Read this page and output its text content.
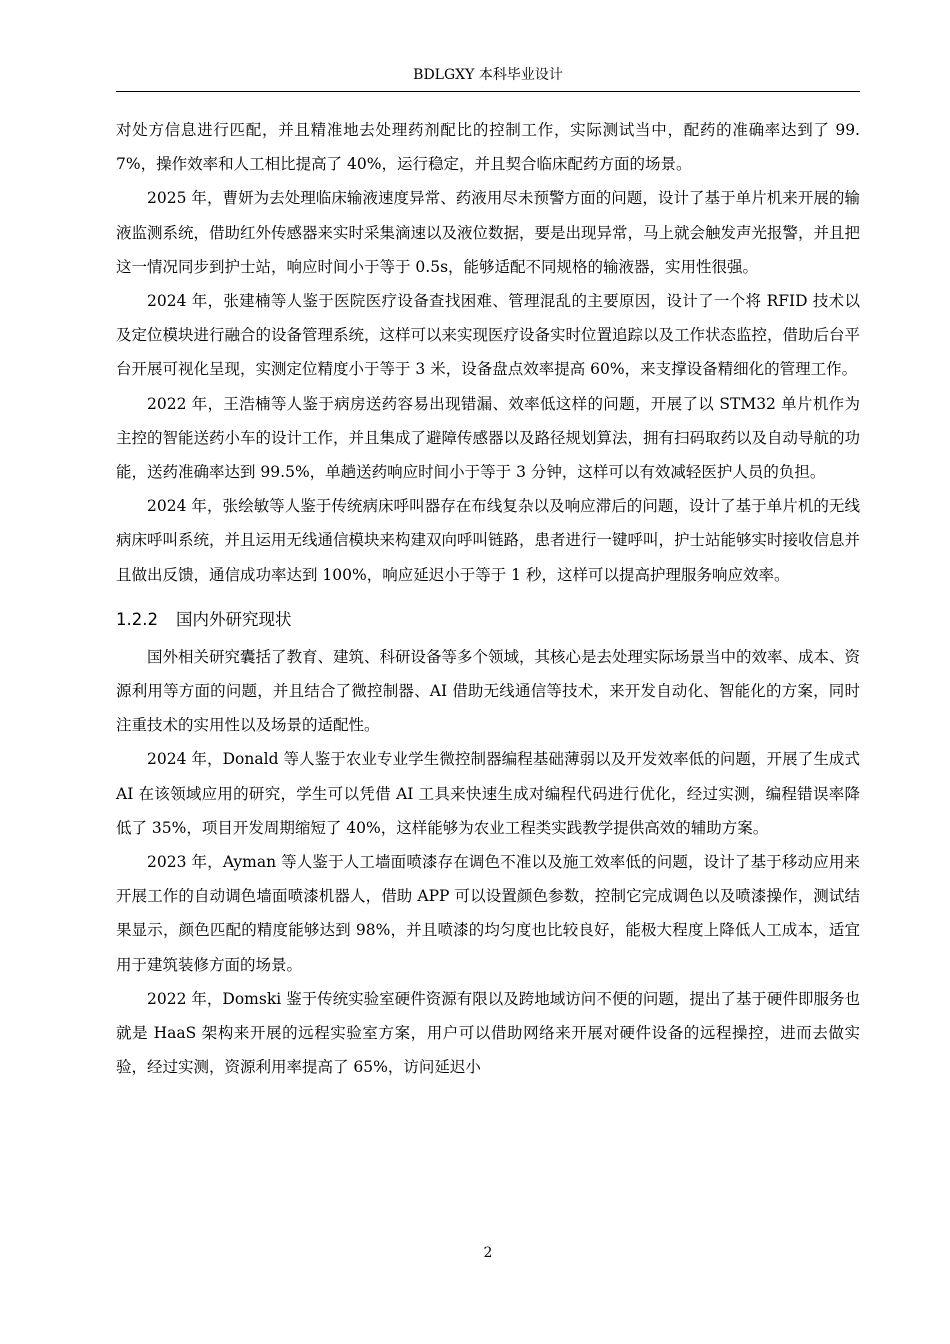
BDLGXY 本科毕业设计

对处方信息进行匹配，并且精准地去处理药剂配比的控制工作，实际测试当中，配药的准确率达到了 99.7%，操作效率和人工相比提高了 40%，运行稳定，并且契合临床配药方面的场景。

2025 年，曹妍为去处理临床输液速度异常、药液用尽未预警方面的问题，设计了基于单片机来开展的输液监测系统，借助红外传感器来实时采集滴速以及液位数据，要是出现异常，马上就会触发声光报警，并且把这一情况同步到护士站，响应时间小于等于 0.5s，能够适配不同规格的输液器，实用性很强。

2024 年，张建楠等人鉴于医院医疗设备查找困难、管理混乱的主要原因，设计了一个将 RFID 技术以及定位模块进行融合的设备管理系统，这样可以来实现医疗设备实时位置追踪以及工作状态监控，借助后台平台开展可视化呈现，实测定位精度小于等于 3 米，设备盘点效率提高 60%，来支撑设备精细化的管理工作。

2022 年，王浩楠等人鉴于病房送药容易出现错漏、效率低这样的问题，开展了以 STM32 单片机作为主控的智能送药小车的设计工作，并且集成了避障传感器以及路径规划算法，拥有扫码取药以及自动导航的功能，送药准确率达到 99.5%，单趟送药响应时间小于等于 3 分钟，这样可以有效减轻医护人员的负担。

2024 年，张绘敏等人鉴于传统病床呼叫器存在布线复杂以及响应滞后的问题，设计了基于单片机的无线病床呼叫系统，并且运用无线通信模块来构建双向呼叫链路，患者进行一键呼叫，护士站能够实时接收信息并且做出反馈，通信成功率达到 100%，响应延迟小于等于 1 秒，这样可以提高护理服务响应效率。

1.2.2 国内外研究现状

国外相关研究囊括了教育、建筑、科研设备等多个领域，其核心是去处理实际场景当中的效率、成本、资源利用等方面的问题，并且结合了微控制器、AI 借助无线通信等技术，来开发自动化、智能化的方案，同时注重技术的实用性以及场景的适配性。

2024 年，Donald 等人鉴于农业专业学生微控制器编程基础薄弱以及开发效率低的问题，开展了生成式 AI 在该领域应用的研究，学生可以凭借 AI 工具来快速生成对编程代码进行优化，经过实测，编程错误率降低了 35%，项目开发周期缩短了 40%，这样能够为农业工程类实践教学提供高效的辅助方案。

2023 年，Ayman 等人鉴于人工墙面喷漆存在调色不准以及施工效率低的问题，设计了基于移动应用来开展工作的自动调色墙面喷漆机器人，借助 APP 可以设置颜色参数，控制它完成调色以及喷漆操作，测试结果显示，颜色匹配的精度能够达到 98%，并且喷漆的均匀度也比较良好，能极大程度上降低人工成本，适宜用于建筑装修方面的场景。

2022 年，Domski 鉴于传统实验室硬件资源有限以及跨地域访问不便的问题，提出了基于硬件即服务也就是 HaaS 架构来开展的远程实验室方案，用户可以借助网络来开展对硬件设备的远程操控，进而去做实验，经过实测，资源利用率提高了 65%，访问延迟小

2
